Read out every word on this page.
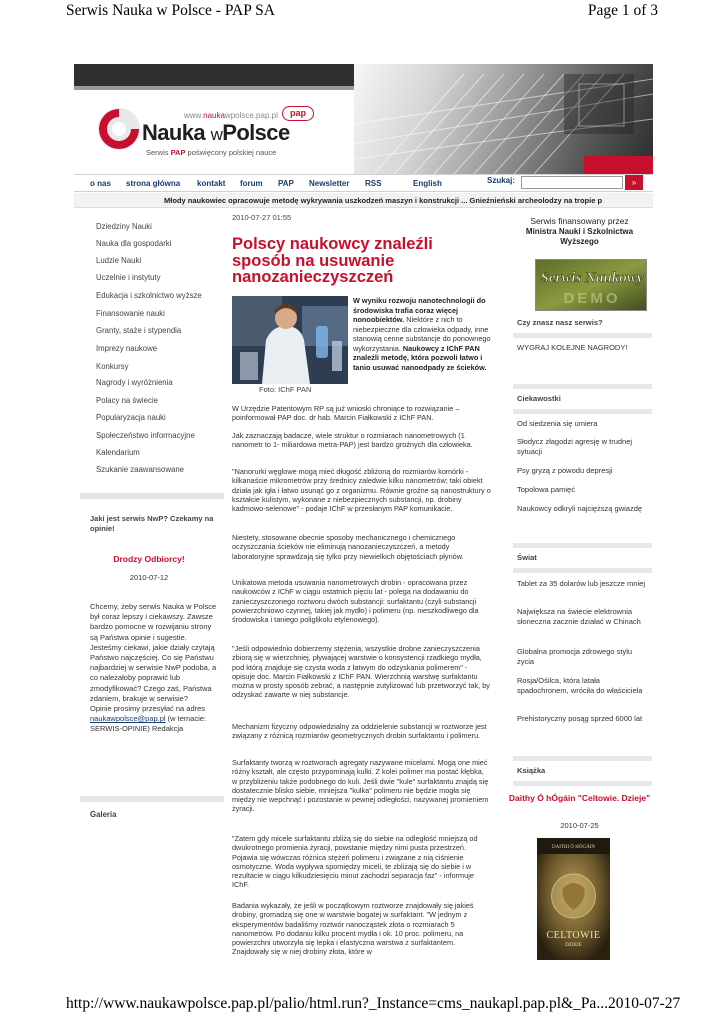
Serwis Nauka w Polsce - PAP SA	Page 1 of 3
www.naukawpolsce.pap.pl	pap
Nauka wPolsce
Serwis PAP poświęcony polskiej nauce
o nas strona główna kontakt forum PAP Newsletter RSS	English	Szukaj:	»
Młody naukowiec opracowuje metodę wykrywania uszkodzeń maszyn i konstrukcji ... Gnieźnieński archeolodzy na tropie p
Dziedziny Nauki
Nauka dla gospodarki
Ludzie Nauki
Uczelnie i instytuty
Edukacja i szkolnictwo wyższe
Finansowanie nauki
Granty, staże i stypendia
Imprezy naukowe
Konkursy
Nagrody i wyróżnienia
Polacy na świecie
Popularyzacja nauki
Społeczeństwo informacyjne
Kalendarium
Szukanie zaawansowane
Jaki jest serwis NwP? Czekamy na opinie!
Drodzy Odbiorcy!
2010-07-12
Chcemy, żeby serwis Nauka w Polsce był coraz lepszy i ciekawszy. Zawsze bardzo pomocne w rozwijaniu strony są Państwa opinie i sugestie. Jesteśmy ciekawi, jakie działy czytają Państwo najczęściej. Co się Państwu najbardziej w serwisie NwP podoba, a co należałoby poprawić lub zmodyfikować? Czego zaś, Państwa zdaniem, brakuje w serwisie?
Opinie prosimy przesyłać na adres naukawpolsce@pap.pl (w temacie: SERWIS-OPINIE) Redakcja
Galeria
2010-07-27 01:55
Polscy naukowcy znaleźli sposób na usuwanie nanozanieczyszczeń
Foto: IChF PAN
W wyniku rozwoju nanotechnologii do środowiska trafia coraz więcej nonoobiektów. Niektóre z nich to niebezpieczne dla człowieka odpady, inne stanowią cenne substancje do ponownego wykorzystania. Naukowcy z IChF PAN znaleźli metodę, która pozwoli łatwo i tanio usuwać nanoodpady ze ścieków.

W Urzędzie Patentowym RP są już wnioski chroniące to rozwiązanie – poinformował PAP doc. dr hab. Marcin Fiałkowski z IChF PAN.

Jak zaznaczają badacze, wiele struktur o rozmiarach nanometrowych (1 nanometr to 1- miliardowa metra-PAP) jest bardzo groźnych dla człowieka.

"Nanorurki węglowe mogą mieć długość zbliżoną do rozmiarów komórki - kilkanaście mikrometrów przy średnicy zaledwie kilku nanometrów; taki obiekt działa jak igła i łatwo usunąć go z organizmu. Równie groźne są nanostruktury o kształcie kulistym, wykonane z niebezpiecznych substancji, np. drobiny kadmowo-selenowe" - podaje IChF w przesłanym PAP komunikacie.

Niestety, stosowane obecnie sposoby mechanicznego i chemicznego oczyszczania ścieków nie eliminują nanozanieczyszczeń, a metody laboratoryjne sprawdzają się tylko przy niewielkich objętościach płynów.

Unikatowa metoda usuwania nanometrowych drobin - opracowana przez naukowców z IChF w ciągu ostatnich pięciu lat - polega na dodawaniu do zanieczyszczonego roztworu dwóch substancji: surfaktantu (czyli substancji powierzchniowo czynnej, takiej jak mydło) i polimeru (np. nieszkodliwego dla środowiska i taniego poliglikolu etylenowego).

"Jeśli odpowiednio dobierzemy stężenia, wszystkie drobne zanieczyszczenia zbiorą się w wierzchniej, pływającej warstwie o konsystencji rzadkiego mydła, pod którą znajduje się czysta woda z łatwym do odzyskania polimerem" - opisuje doc. Marcin Fiałkowski z IChF PAN. Wierzchnią warstwę surfaktantu można w prosty sposób zebrać, a następnie zutylizować lub przetworzyć tak, by odzyskać zawarte w niej substancje.

Mechanizm fizyczny odpowiedzialny za oddzielenie substancji w roztworze jest związany z różnicą rozmiarów geometrycznych drobin surfaktantu i polimeru.

Surfaktanty tworzą w roztworach agregaty nazywane micelami. Mogą one mieć różny kształt, ale często przypominają kulki. Z kolei polimer ma postać kłębka, w przybliżeniu także podobnego do kuli. Jeśli dwie "kule" surfaktantu znajdą się dostatecznie blisko siebie, mniejsza "kulka" polimeru nie będzie mogła się między nie wepchnąć i pozostanie w pewnej odległości, nazywanej promieniem żyracji.

"Zatem gdy micele surfaktantu zbliżą się do siebie na odległość mniejszą od dwukrotnego promienia żyracji, powstanie między nimi pusta przestrzeń. Pojawia się wówczas różnica stężeń polimeru i związane z nią ciśnienie osmotyczne. Woda wypływa spomiędzy miceli, te zbliżają się do siebie i w rezultacie w ciągu kilkudziesięciu minut zachodzi separacja faz" - informuje IChF.

Badania wykazały, że jeśli w początkowym roztworze znajdowały się jakieś drobiny, gromadzą się one w warstwie bogatej w surfaktant. "W jednym z eksperymentów badaliśmy roztwór nanocząstek złota o rozmiarach 5 nanometrów. Po dodaniu kilku procent mydła i ok. 10 proc. polimeru, na powierzchni utworzyła się lepka i elastyczna warstwa z surfaktantem. Znajdowały się w niej drobiny złota, które w

Serwis finansowany przez
Ministra Nauki i Szkolnictwa Wyższego
Serwis Naukowy
DEMO
Czy znasz nasz serwis?
WYGRAJ KOLEJNE NAGRODY!
Ciekawostki
Od siedzenia się umiera
Słodycz złagodzi agresję w trudnej sytuacji
Psy gryzą z powodu depresji
Topolowa pamięć
Naukowcy odkryli najcięższą gwiazdę
Świat
Tablet za 35 dolarów lub jeszcze mniej
Największa na świecie elektrownia słoneczna zacznie działać w Chinach
Globalna promocja zdrowego stylu życia
Rosja/Ośilca, która latała spadochronem, wróciła do właściciela
Prehistoryczny posąg sprzed 6000 lat
Książka
Daithy Ó hÓgáin "Celtowie. Dzieje"
2010-07-25
DAITHI Ó HÓGÁIN
CELTOWIE
DZIEJE
http://www.naukawpolsce.pap.pl/palio/html.run?_Instance=cms_naukapl.pap.pl&_Pa... 2010-07-27
